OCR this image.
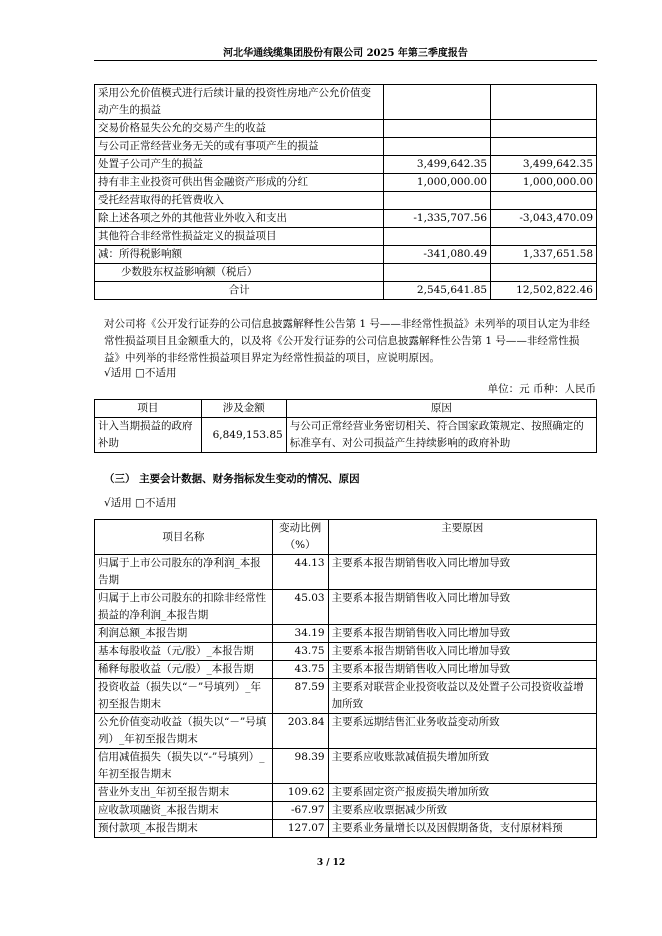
河北华通线缆集团股份有限公司 2025 年第三季度报告
采用公允价值模式进行后续计量的投资性房地产公允价值变动产生的损益		
交易价格显失公允的交易产生的收益		
与公司正常经营业务无关的或有事项产生的损益		
处置子公司产生的损益	3,499,642.35	3,499,642.35
持有非主业投资可供出售金融资产形成的分红	1,000,000.00	1,000,000.00
受托经营取得的托管费收入		
除上述各项之外的其他营业外收入和支出	-1,335,707.56	-3,043,470.09
其他符合非经常性损益定义的损益项目		
减：所得税影响额	-341,080.49	1,337,651.58
少数股东权益影响额（税后）		
合计	2,545,641.85	12,502,822.46
对公司将《公开发行证券的公司信息披露解释性公告第 1 号——非经常性损益》未列举的项目认定为非经常性损益项目且金额重大的，以及将《公开发行证券的公司信息披露解释性公告第 1 号——非经常性损益》中列举的非经常性损益项目界定为经常性损益的项目，应说明原因。
√适用 □不适用
单位：元 币种：人民币
项目	涉及金额	原因
计入当期损益的政府补助	6,849,153.85	与公司正常经营业务密切相关、符合国家政策规定、按照确定的标准享有、对公司损益产生持续影响的政府补助
（三） 主要会计数据、财务指标发生变动的情况、原因
√适用 □不适用
项目名称	变动比例（%）	主要原因
归属于上市公司股东的净利润_本报告期	44.13	主要系本报告期销售收入同比增加导致
归属于上市公司股东的扣除非经常性损益的净利润_本报告期	45.03	主要系本报告期销售收入同比增加导致
利润总额_本报告期	34.19	主要系本报告期销售收入同比增加导致
基本每股收益（元/股）_本报告期	43.75	主要系本报告期销售收入同比增加导致
稀释每股收益（元/股）_本报告期	43.75	主要系本报告期销售收入同比增加导致
投资收益（损失以“－”号填列）_年初至报告期末	87.59	主要系对联营企业投资收益以及处置子公司投资收益增加所致
公允价值变动收益（损失以“－”号填列）_年初至报告期末	203.84	主要系远期结售汇业务收益变动所致
信用减值损失（损失以“-”号填列）_年初至报告期末	98.39	主要系应收账款减值损失增加所致
营业外支出_年初至报告期末	109.62	主要系固定资产报废损失增加所致
应收款项融资_本报告期末	-67.97	主要系应收票据减少所致
预付款项_本报告期末	127.07	主要系业务量增长以及因假期备货，支付原材料预
3 / 12
